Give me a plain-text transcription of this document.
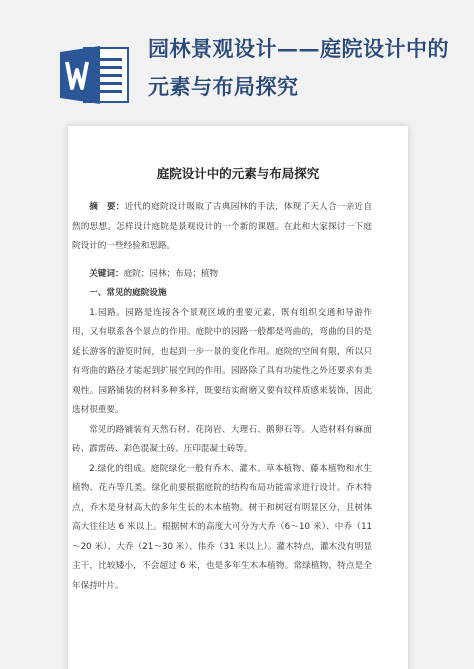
园林景观设计——庭院设计中的元素与布局探究
庭院设计中的元素与布局探究

摘　要：近代的庭院设计吸取了古典园林的手法，体现了天人合一亲近自然的思想。怎样设计庭院是景观设计的一个新的课题。在此和大家探讨一下庭院设计的一些经验和思路。

关键词：庭院；园林；布局；植物

一、常见的庭院设施

1.园路。园路是连接各个景观区域的重要元素，既有组织交通和导游作用，又有联系各个景点的作用。庭院中的园路一般都是弯曲的，弯曲的目的是延长游客的游览时间，也起到一步一景的变化作用。庭院的空间有限，所以只有弯曲的路径才能起到扩展空间的作用。园路除了具有功能性之外还要求有美观性。园路铺装的材料多种多样，既要结实耐磨又要有纹样质感来装饰，因此选材很重要。

常见的路铺装有天然石材、花岗岩、大理石、鹅卵石等。人造材料有麻面砖、霹雳砖、彩色混凝土砖、压印混凝土砖等。

2.绿化的组成。庭院绿化一般有乔木、灌木、草本植物、藤本植物和水生植物、花卉等几类。绿化前要根据庭院的结构布局功能需求进行设计。乔木特点，乔木是身材高大的多年生长的木本植物。树干和树冠有明显区分，且树体高大往往达 6 米以上。根据树木的高度大可分为大乔（6～10 米）、中乔（11～20 米）、大乔（21～30 米）、伟乔（31 米以上）。灌木特点，灌木没有明显主干，比较矮小，不会超过 6 米，也是多年生木本植物。常绿植物，特点是全年保持叶片。
